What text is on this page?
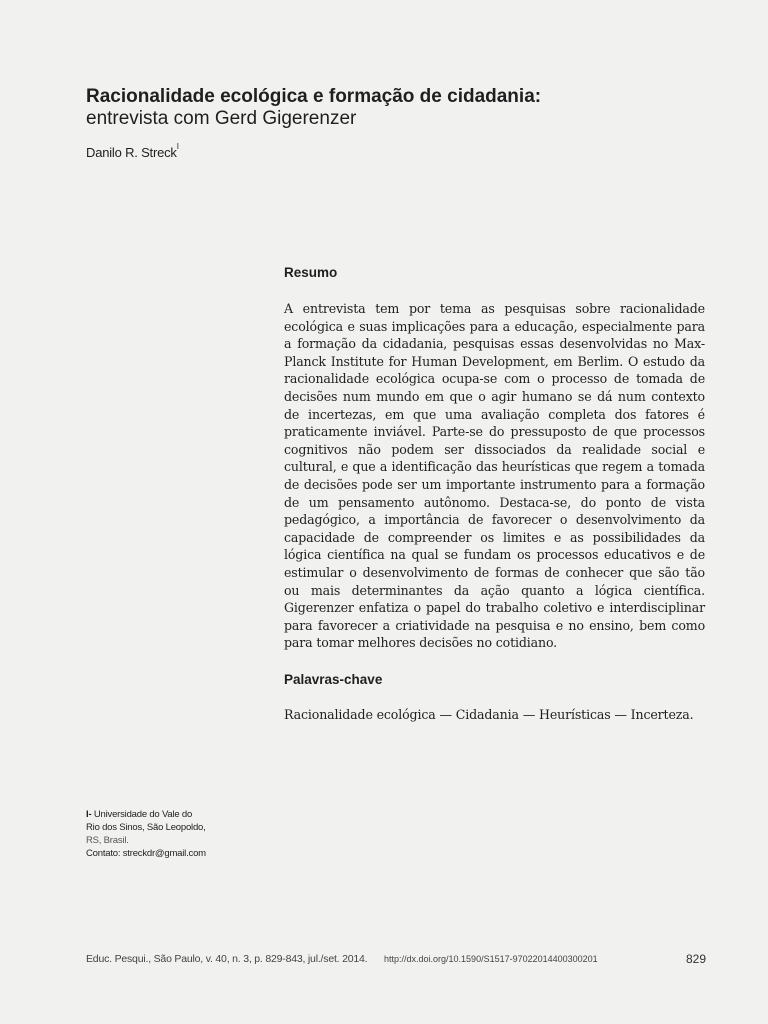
Racionalidade ecológica e formação de cidadania:
entrevista com Gerd Gigerenzer
Danilo R. Streck$^I$
Resumo
A entrevista tem por tema as pesquisas sobre racionalidade ecológica e suas implicações para a educação, especialmente para a formação da cidadania, pesquisas essas desenvolvidas no Max-Planck Institute for Human Development, em Berlim. O estudo da racionalidade ecológica ocupa-se com o processo de tomada de decisões num mundo em que o agir humano se dá num contexto de incertezas, em que uma avaliação completa dos fatores é praticamente inviável. Parte-se do pressuposto de que processos cognitivos não podem ser dissociados da realidade social e cultural, e que a identificação das heurísticas que regem a tomada de decisões pode ser um importante instrumento para a formação de um pensamento autônomo. Destaca-se, do ponto de vista pedagógico, a importância de favorecer o desenvolvimento da capacidade de compreender os limites e as possibilidades da lógica científica na qual se fundam os processos educativos e de estimular o desenvolvimento de formas de conhecer que são tão ou mais determinantes da ação quanto a lógica científica. Gigerenzer enfatiza o papel do trabalho coletivo e interdisciplinar para favorecer a criatividade na pesquisa e no ensino, bem como para tomar melhores decisões no cotidiano.
Palavras-chave
Racionalidade ecológica — Cidadania — Heurísticas — Incerteza.
I- Universidade do Vale do
Rio dos Sinos, São Leopoldo,
RS, Brasil.
Contato: streckdr@gmail.com
Educ. Pesqui., São Paulo, v. 40, n. 3, p. 829-843, jul./set. 2014. http://dx.doi.org/10.1590/S1517-97022014400300201	829
